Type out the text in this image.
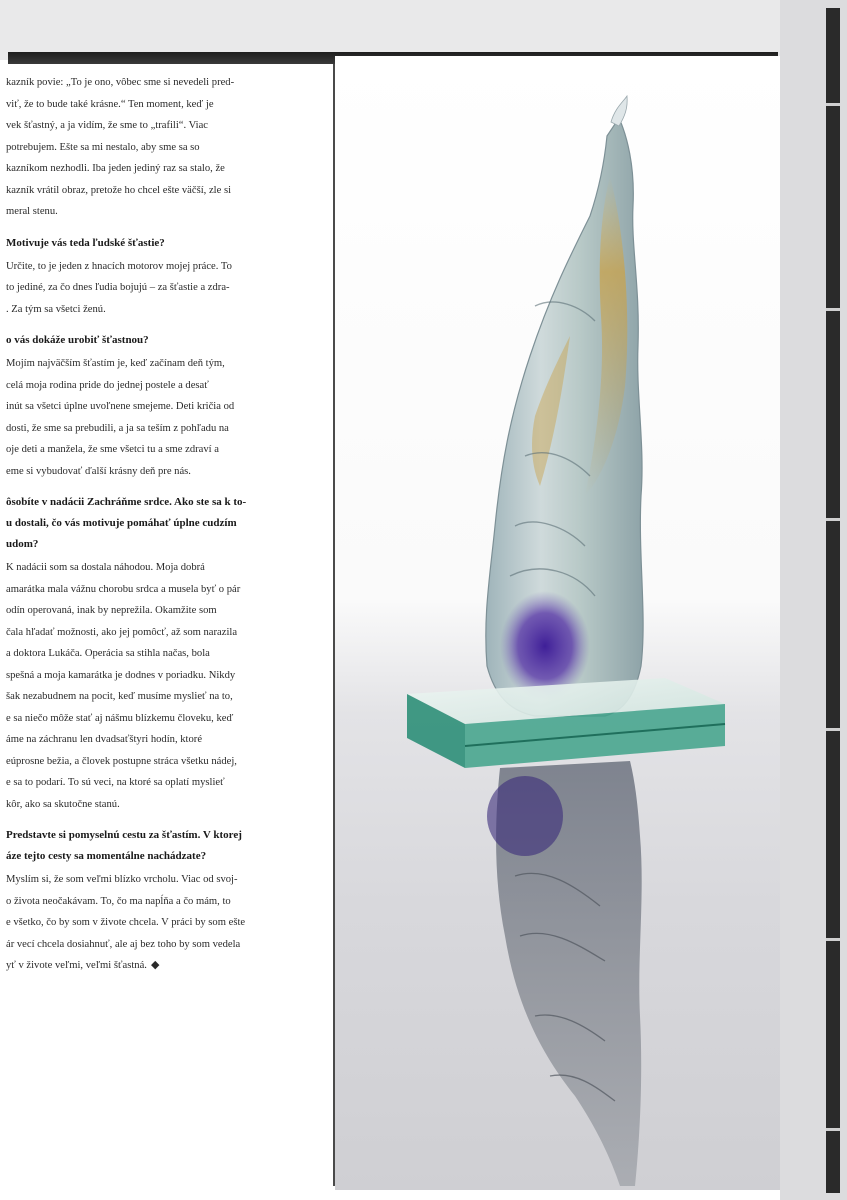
kazník povie: „To je ono, vôbec sme si nevedeli pred-
viť, že to bude také krásne.“ Ten moment, keď je
vek šťastný, a ja vidím, že sme to „trafili“. Viac
potrebujem. Ešte sa mi nestalo, aby sme sa so
kazníkom nezhodli. Iba jeden jediný raz sa stalo, že
kazník vrátil obraz, pretože ho chcel ešte väčší, zle si
meral stenu.
Motivuje vás teda ľudské šťastie?
Určite, to je jeden z hnacích motorov mojej práce. To
to jediné, za čo dnes ľudia bojujú – za šťastie a zdra-
. Za tým sa všetci ženú.
o vás dokáže urobiť šťastnou?
Mojím najväčším šťastím je, keď začínam deň tým,
celá moja rodina pride do jednej postele a desať
inút sa všetci úplne uvoľnene smejeme. Deti kričia od
dosti, že sme sa prebudili, a ja sa teším z pohľadu na
oje deti a manžela, že sme všetci tu a sme zdraví a
eme si vybudovať ďalší krásny deň pre nás.
ôsobíte v nadácii Zachráňme srdce. Ako ste sa k to-
u dostali, čo vás motivuje pomáhať úplne cudzím
udom?
K nadácii som sa dostala náhodou. Moja dobrá
amarátka mala vážnu chorobu srdca a musela byť o pár
odín operovaná, inak by neprežila. Okamžite som
čala hľadať možnosti, ako jej pomôcť, až som narazila
a doktora Lukáča. Operácia sa stihla načas, bola
spešná a moja kamarátka je dodnes v poriadku. Nikdy
šak nezabudnem na pocit, keď musíme myslieť na to,
e sa niečo môže stať aj nášmu blízkemu človeku, keď
áme na záchranu len dvadsaťštyri hodín, ktoré
eúprosne bežia, a človek postupne stráca všetku nádej,
e sa to podarí. To sú veci, na ktoré sa oplatí myslieť
kôr, ako sa skutočne stanú.
Predstavte si pomyselnú cestu za šťastím. V ktorej
áze tejto cesty sa momentálne nachádzate?
Myslím si, že som veľmi blízko vrcholu. Viac od svoj-
o života neočakávam. To, čo ma napĺňa a čo mám, to
e všetko, čo by som v živote chcela. V práci by som ešte
ár vecí chcela dosiahnuť, ale aj bez toho by som vedela
yť v živote veľmi, veľmi šťastná. ◆
